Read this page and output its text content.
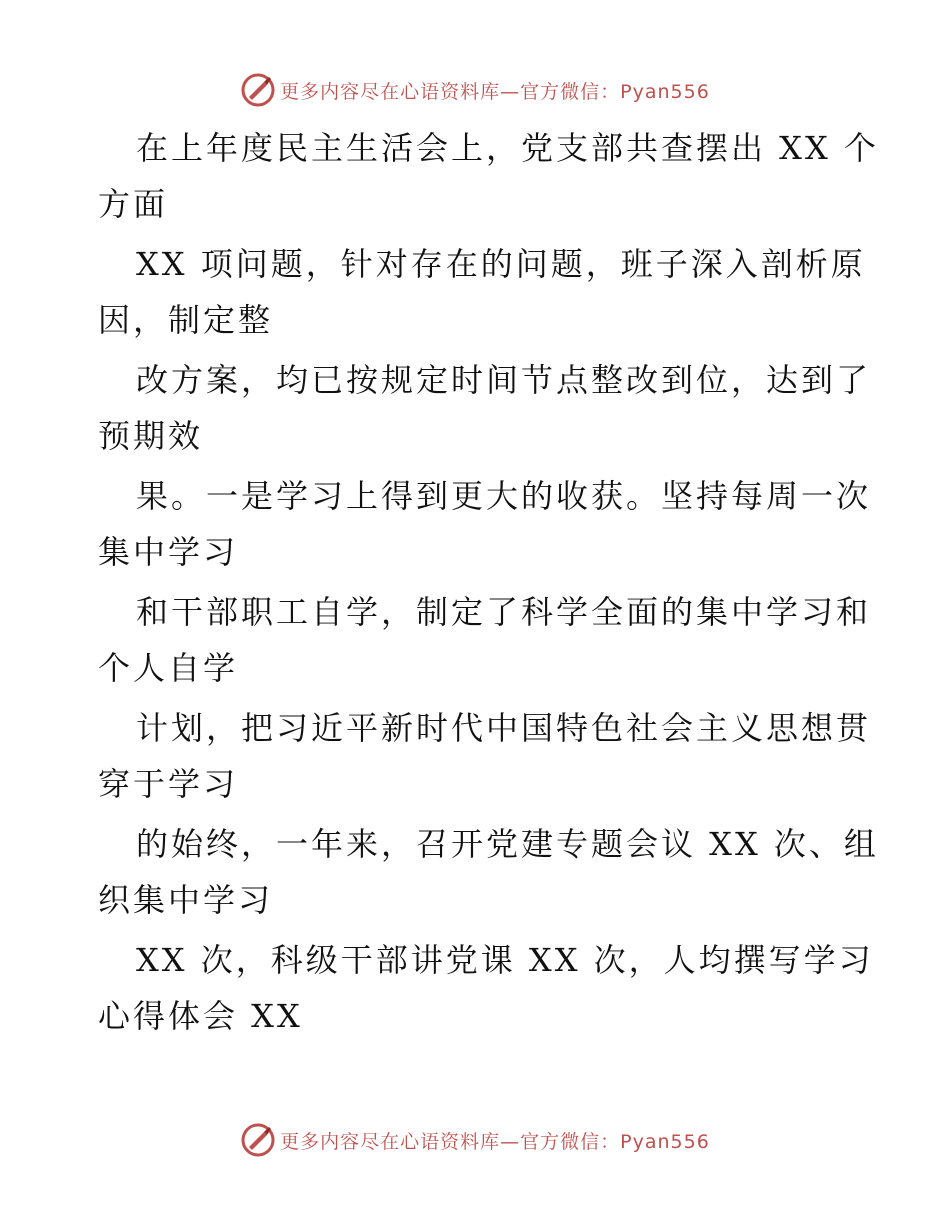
更多内容尽在心语资料库—官方微信：Pyan556
在上年度民主生活会上，党支部共查摆出 XX 个
方面
XX 项问题，针对存在的问题，班子深入剖析原
因，制定整
改方案，均已按规定时间节点整改到位，达到了
预期效
果。一是学习上得到更大的收获。坚持每周一次
集中学习
和干部职工自学，制定了科学全面的集中学习和
个人自学
计划，把习近平新时代中国特色社会主义思想贯
穿于学习
的始终，一年来，召开党建专题会议 XX 次、组
织集中学习
XX 次，科级干部讲党课 XX 次，人均撰写学习
心得体会 XX
更多内容尽在心语资料库—官方微信：Pyan556
